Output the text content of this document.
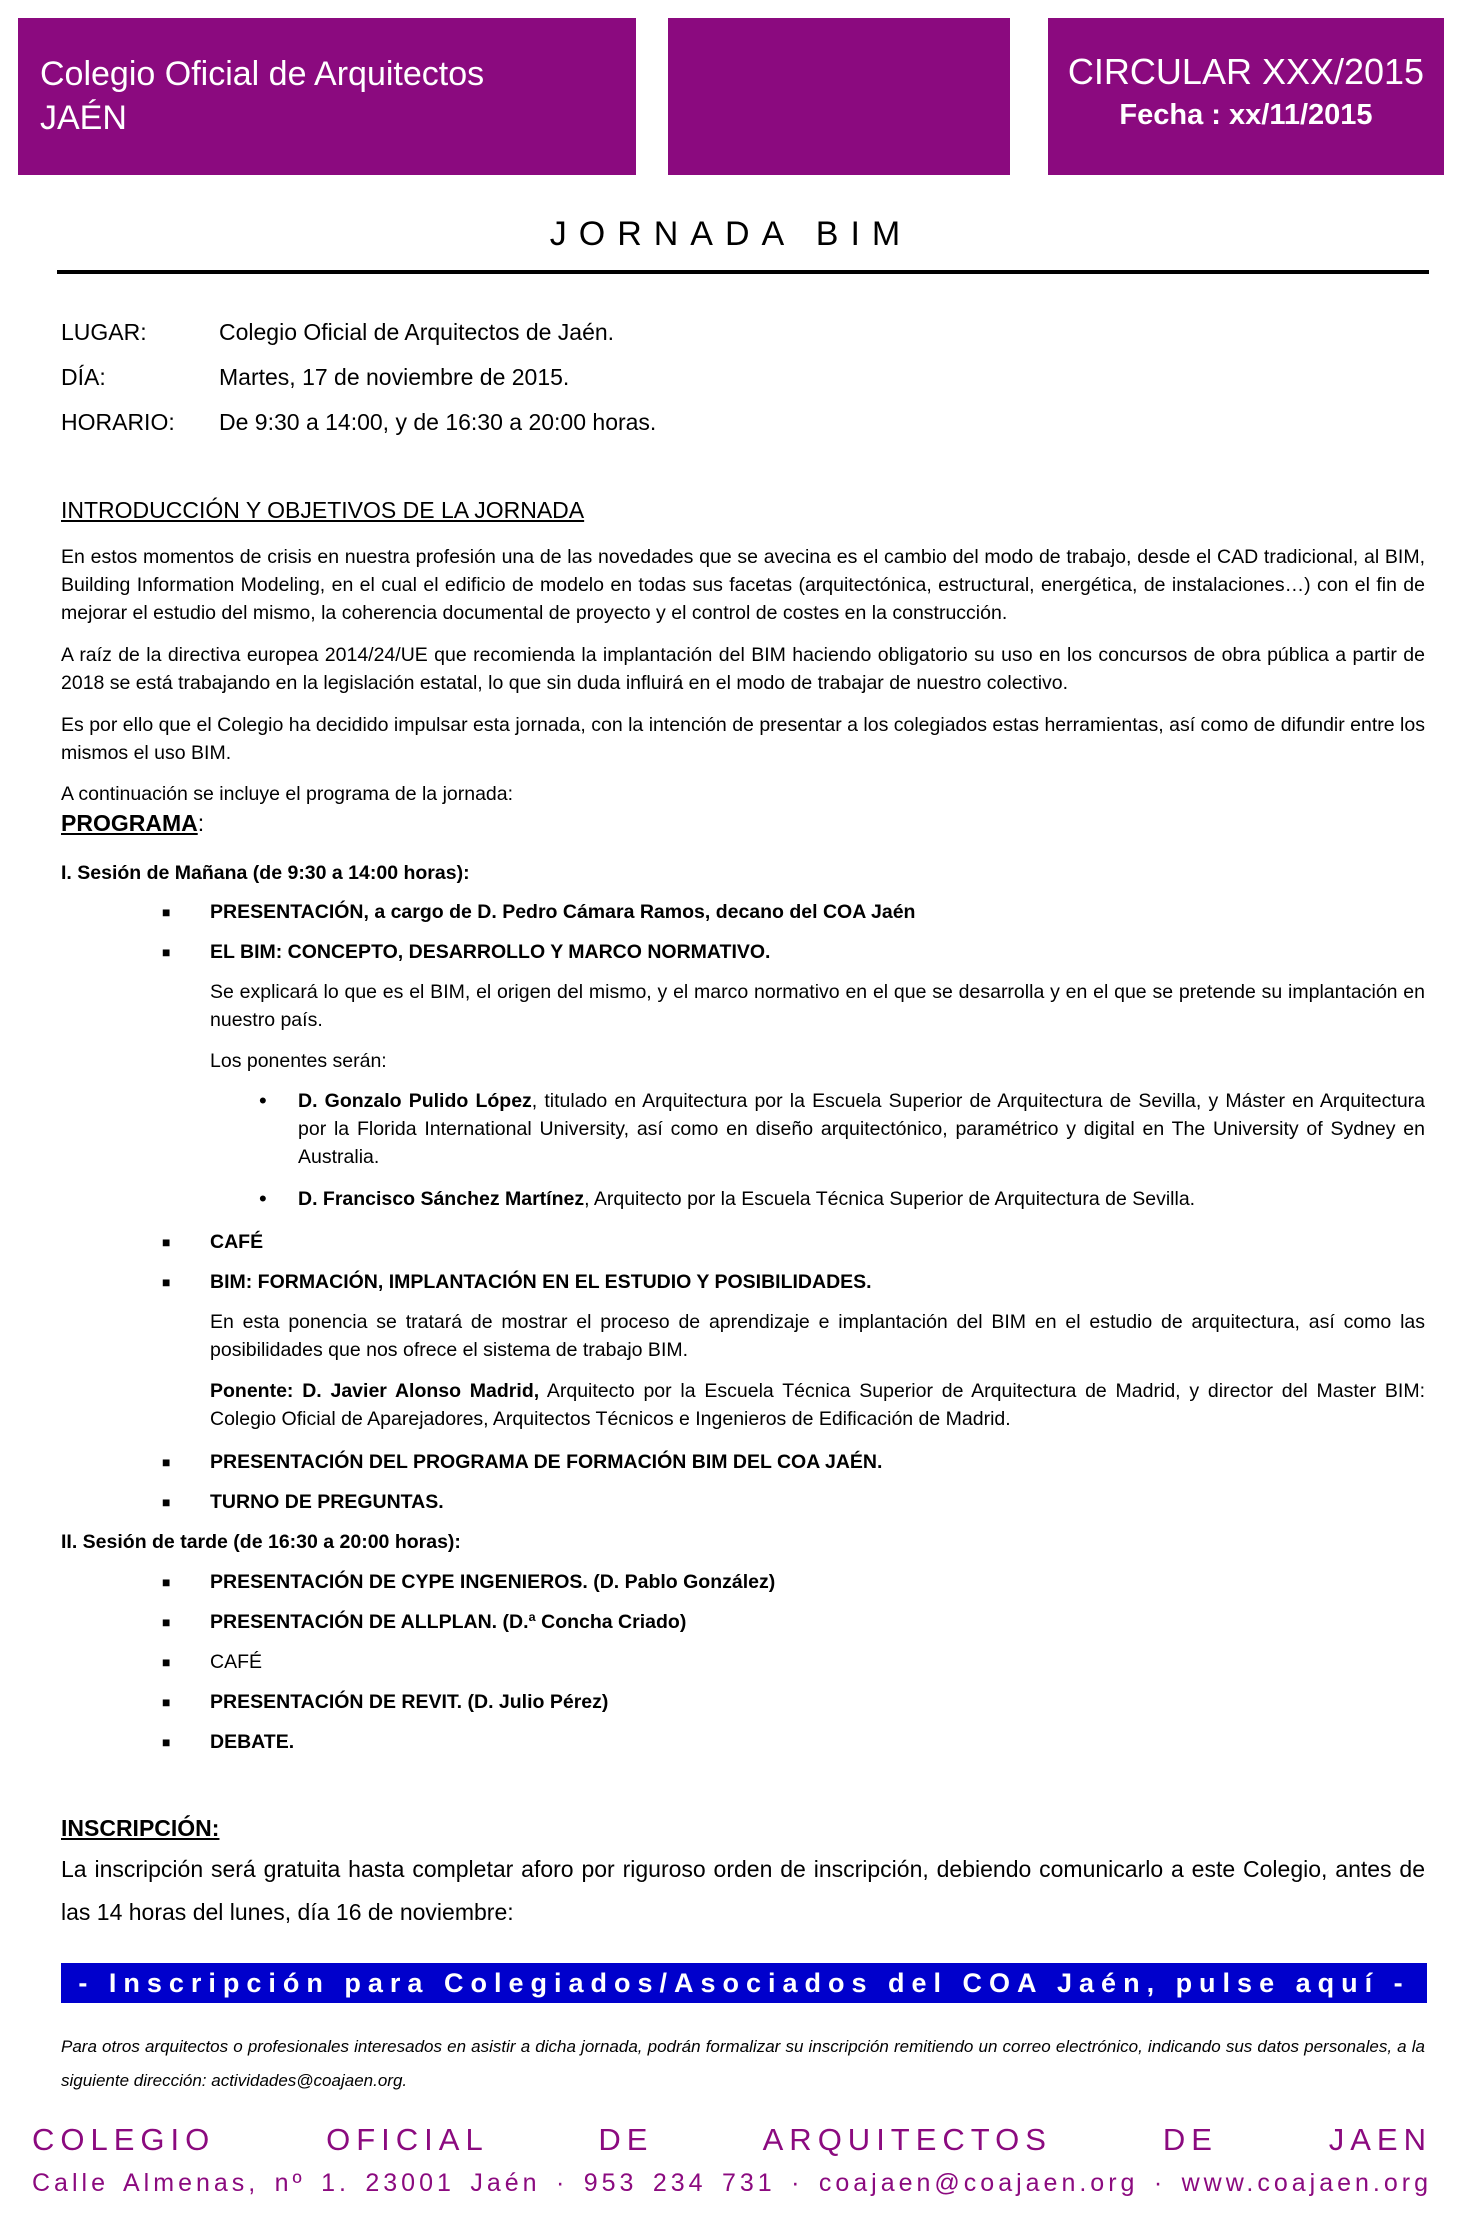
Colegio Oficial de Arquitectos
JAÉN
CIRCULAR XXX/2015
Fecha : xx/11/2015
JORNADA BIM
LUGAR:	Colegio Oficial de Arquitectos de Jaén.
DÍA:	Martes, 17 de noviembre de 2015.
HORARIO: De 9:30 a 14:00, y de 16:30 a 20:00 horas.
INTRODUCCIÓN Y OBJETIVOS DE LA JORNADA
En estos momentos de crisis en nuestra profesión una de las novedades que se avecina es el cambio del modo de trabajo, desde el CAD tradicional, al BIM, Building Information Modeling, en el cual el edificio de modelo en todas sus facetas (arquitectónica, estructural, energética, de instalaciones…) con el fin de mejorar el estudio del mismo, la coherencia documental de proyecto y el control de costes en la construcción.
A raíz de la directiva europea 2014/24/UE que recomienda la implantación del BIM haciendo obligatorio su uso en los concursos de obra pública a partir de 2018 se está trabajando en la legislación estatal, lo que sin duda influirá en el modo de trabajar de nuestro colectivo.
Es por ello que el Colegio ha decidido impulsar esta jornada, con la intención de presentar a los colegiados estas herramientas, así como de difundir entre los mismos el uso BIM.
A continuación se incluye el programa de la jornada:
PROGRAMA:
I. Sesión de Mañana (de 9:30 a 14:00 horas):
■ PRESENTACIÓN, a cargo de D. Pedro Cámara Ramos, decano del COA Jaén
■ EL BIM: CONCEPTO, DESARROLLO Y MARCO NORMATIVO.
Se explicará lo que es el BIM, el origen del mismo, y el marco normativo en el que se desarrolla y en el que se pretende su implantación en nuestro país.
Los ponentes serán:
• D. Gonzalo Pulido López, titulado en Arquitectura por la Escuela Superior de Arquitectura de Sevilla, y Máster en Arquitectura por la Florida International University, así como en diseño arquitectónico, paramétrico y digital en The University of Sydney en Australia.
• D. Francisco Sánchez Martínez, Arquitecto por la Escuela Técnica Superior de Arquitectura de Sevilla.
■ CAFÉ
■ BIM: FORMACIÓN, IMPLANTACIÓN EN EL ESTUDIO Y POSIBILIDADES.
En esta ponencia se tratará de mostrar el proceso de aprendizaje e implantación del BIM en el estudio de arquitectura, así como las posibilidades que nos ofrece el sistema de trabajo BIM.
Ponente: D. Javier Alonso Madrid, Arquitecto por la Escuela Técnica Superior de Arquitectura de Madrid, y director del Master BIM: Colegio Oficial de Aparejadores, Arquitectos Técnicos e Ingenieros de Edificación de Madrid.
■ PRESENTACIÓN DEL PROGRAMA DE FORMACIÓN BIM DEL COA JAÉN.
■ TURNO DE PREGUNTAS.
II. Sesión de tarde (de 16:30 a 20:00 horas):
■ PRESENTACIÓN DE CYPE INGENIEROS. (D. Pablo González)
■ PRESENTACIÓN DE ALLPLAN. (D.ª Concha Criado)
■ CAFÉ
■ PRESENTACIÓN DE REVIT. (D. Julio Pérez)
■ DEBATE.
INSCRIPCIÓN:
La inscripción será gratuita hasta completar aforo por riguroso orden de inscripción, debiendo comunicarlo a este Colegio, antes de las 14 horas del lunes, día 16 de noviembre:
- Inscripción para Colegiados/Asociados del COA Jaén, pulse aquí -
Para otros arquitectos o profesionales interesados en asistir a dicha jornada, podrán formalizar su inscripción remitiendo un correo electrónico, indicando sus datos personales, a la siguiente dirección: actividades@coajaen.org.
COLEGIO OFICIAL DE ARQUITECTOS DE JAEN
Calle Almenas, nº 1. 23001 Jaén · 953 234 731 · coajaen@coajaen.org · www.coajaen.org
